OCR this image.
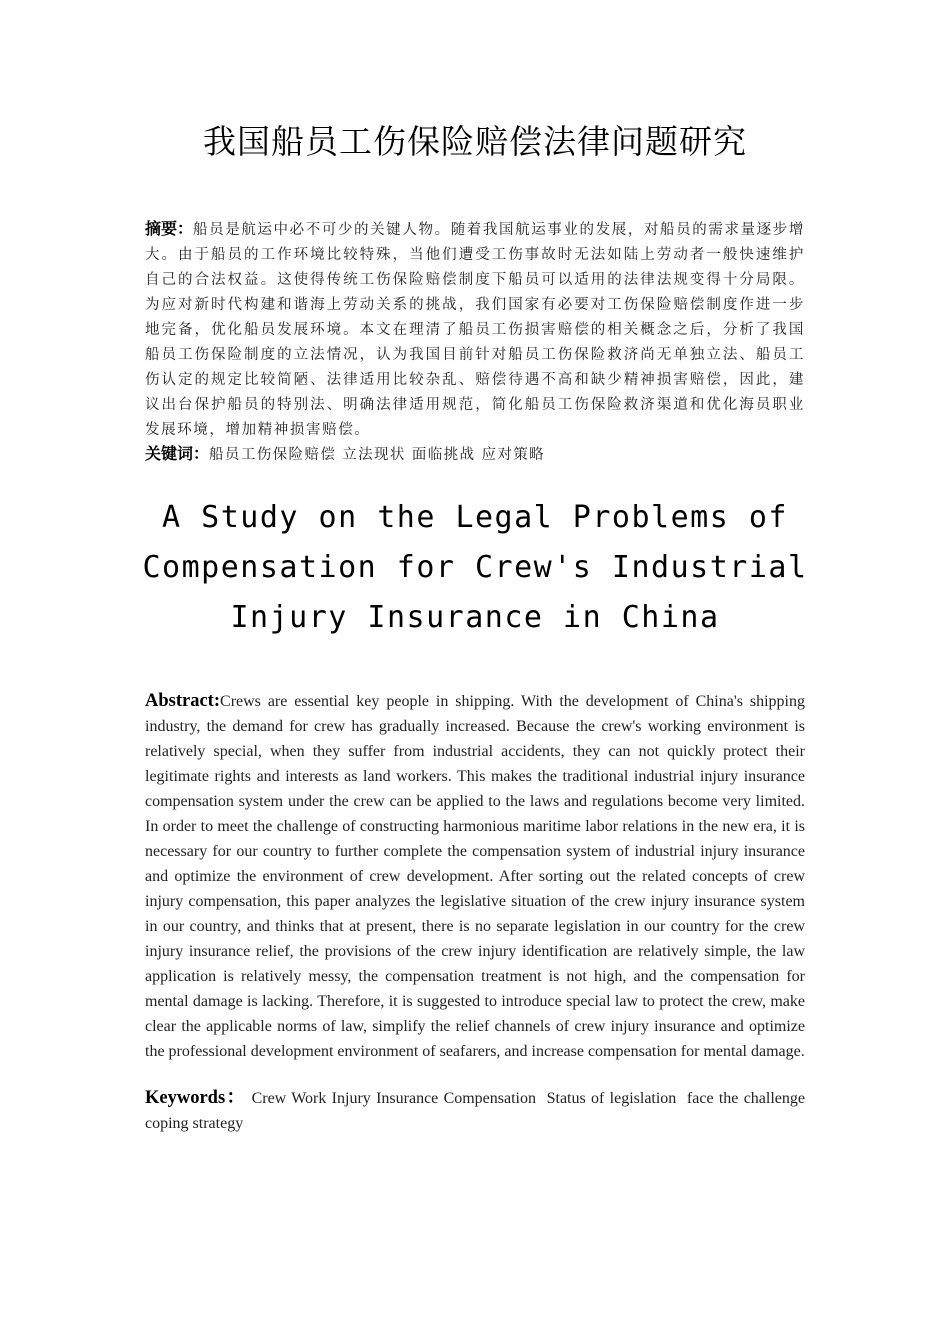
我国船员工伤保险赔偿法律问题研究
摘要：船员是航运中必不可少的关键人物。随着我国航运事业的发展，对船员的需求量逐步增大。由于船员的工作环境比较特殊，当他们遭受工伤事故时无法如陆上劳动者一般快速维护自己的合法权益。这使得传统工伤保险赔偿制度下船员可以适用的法律法规变得十分局限。为应对新时代构建和谐海上劳动关系的挑战，我们国家有必要对工伤保险赔偿制度作进一步地完备，优化船员发展环境。本文在理清了船员工伤损害赔偿的相关概念之后，分析了我国船员工伤保险制度的立法情况，认为我国目前针对船员工伤保险救济尚无单独立法、船员工伤认定的规定比较简陋、法律适用比较杂乱、赔偿待遇不高和缺少精神损害赔偿，因此，建议出台保护船员的特别法、明确法律适用规范，简化船员工伤保险救济渠道和优化海员职业发展环境，增加精神损害赔偿。
关键词：船员工伤保险赔偿 立法现状 面临挑战 应对策略
A Study on the Legal Problems of Compensation for Crew's Industrial Injury Insurance in China
Abstract:Crews are essential key people in shipping. With the development of China's shipping industry, the demand for crew has gradually increased. Because the crew's working environment is relatively special, when they suffer from industrial accidents, they can not quickly protect their legitimate rights and interests as land workers. This makes the traditional industrial injury insurance compensation system under the crew can be applied to the laws and regulations become very limited. In order to meet the challenge of constructing harmonious maritime labor relations in the new era, it is necessary for our country to further complete the compensation system of industrial injury insurance and optimize the environment of crew development. After sorting out the related concepts of crew injury compensation, this paper analyzes the legislative situation of the crew injury insurance system in our country, and thinks that at present, there is no separate legislation in our country for the crew injury insurance relief, the provisions of the crew injury identification are relatively simple, the law application is relatively messy, the compensation treatment is not high, and the compensation for mental damage is lacking. Therefore, it is suggested to introduce special law to protect the crew, make clear the applicable norms of law, simplify the relief channels of crew injury insurance and optimize the professional development environment of seafarers, and increase compensation for mental damage.
Keywords： Crew Work Injury Insurance Compensation  Status of legislation  face the challenge  coping strategy
